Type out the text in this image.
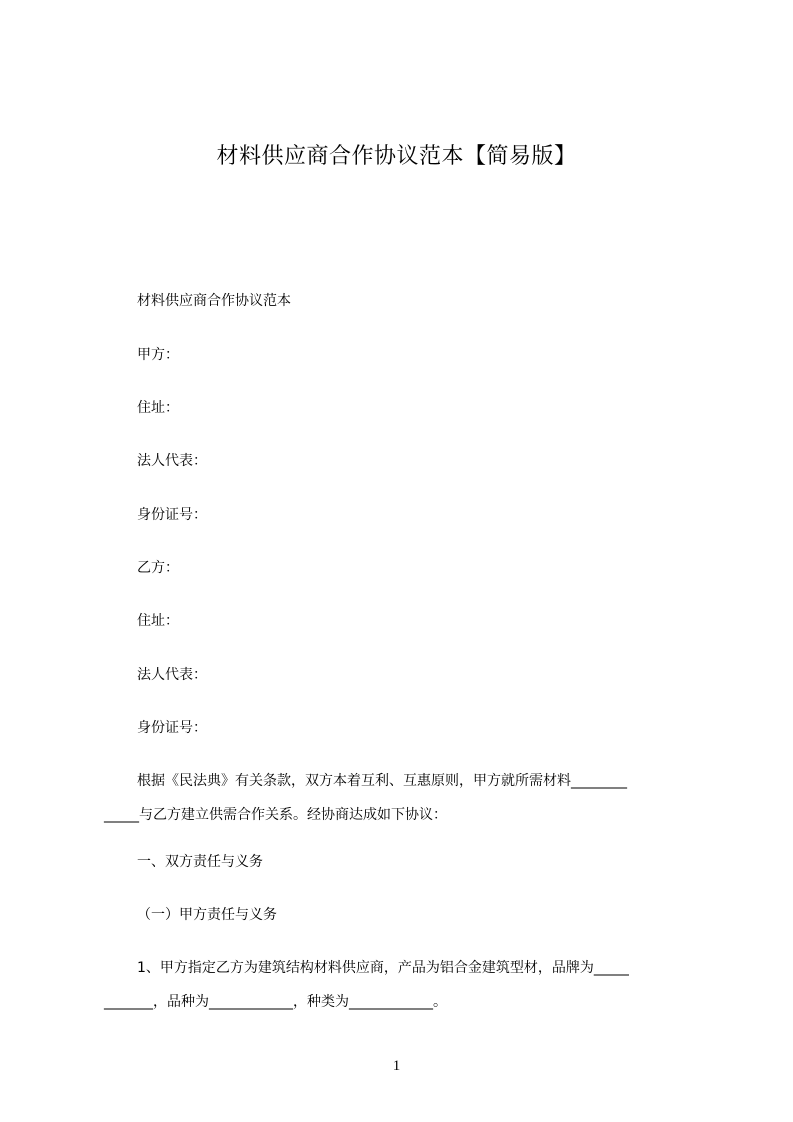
材料供应商合作协议范本【简易版】
材料供应商合作协议范本
甲方：
住址：
法人代表：
身份证号：
乙方：
住址：
法人代表：
身份证号：
根据《民法典》有关条款，双方本着互利、互惠原则，甲方就所需材料________
_____与乙方建立供需合作关系。经协商达成如下协议：
一、双方责任与义务
（一）甲方责任与义务
1、甲方指定乙方为建筑结构材料供应商，产品为铝合金建筑型材，品牌为_____
_______，品种为____________，种类为____________。
1
